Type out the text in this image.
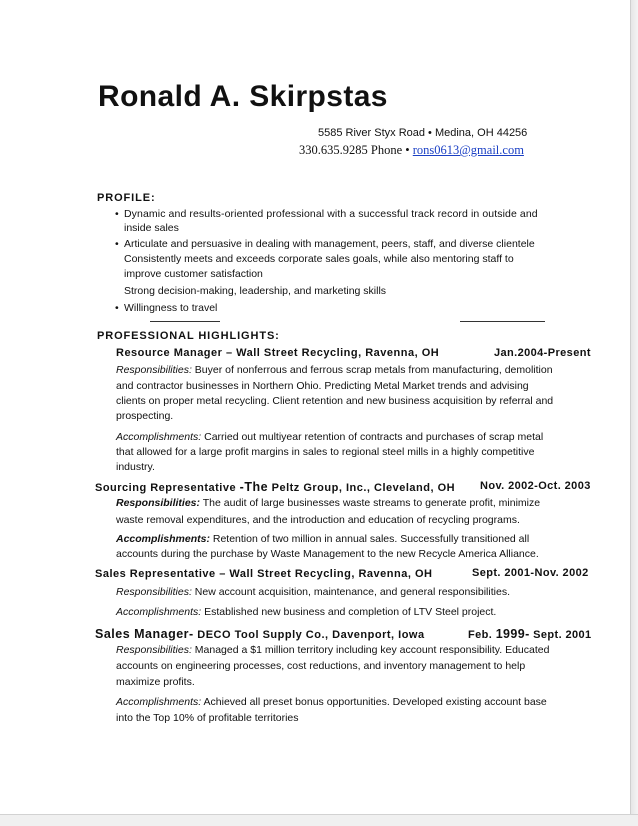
Ronald A. Skirpstas
5585 River Styx Road • Medina, OH 44256
330.635.9285 Phone • rons0613@gmail.com
PROFILE:
• Dynamic and results-oriented professional with a successful track record in outside and
inside sales
• Articulate and persuasive in dealing with management, peers, staff, and diverse clientele
Consistently meets and exceeds corporate sales goals, while also mentoring staff to
improve customer satisfaction
Strong decision-making, leadership, and marketing skills
• Willingness to travel
PROFESSIONAL HIGHLIGHTS:
Resource Manager – Wall Street Recycling, Ravenna, OH	Jan.2004-Present
Responsibilities: Buyer of nonferrous and ferrous scrap metals from manufacturing, demolition
and contractor businesses in Northern Ohio. Predicting Metal Market trends and advising
clients on proper metal recycling. Client retention and new business acquisition by referral and
prospecting.
Accomplishments: Carried out multiyear retention of contracts and purchases of scrap metal
that allowed for a large profit margins in sales to regional steel mills in a highly competitive
industry.
Sourcing Representative -The Peltz Group, Inc., Cleveland, OH Nov. 2002-Oct. 2003
Responsibilities: The audit of large businesses waste streams to generate profit, minimize
waste removal expenditures, and the introduction and education of recycling programs.
Accomplishments: Retention of two million in annual sales. Successfully transitioned all
accounts during the purchase by Waste Management to the new Recycle America Alliance.
Sales Representative – Wall Street Recycling, Ravenna, OH	Sept. 2001-Nov. 2002
Responsibilities: New account acquisition, maintenance, and general responsibilities.
Accomplishments: Established new business and completion of LTV Steel project.
Sales Manager- DECO Tool Supply Co., Davenport, Iowa	Feb. 1999- Sept. 2001
Responsibilities: Managed a $1 million territory including key account responsibility. Educated
accounts on engineering processes, cost reductions, and inventory management to help
maximize profits.
Accomplishments: Achieved all preset bonus opportunities. Developed existing account base
into the Top 10% of profitable territories
